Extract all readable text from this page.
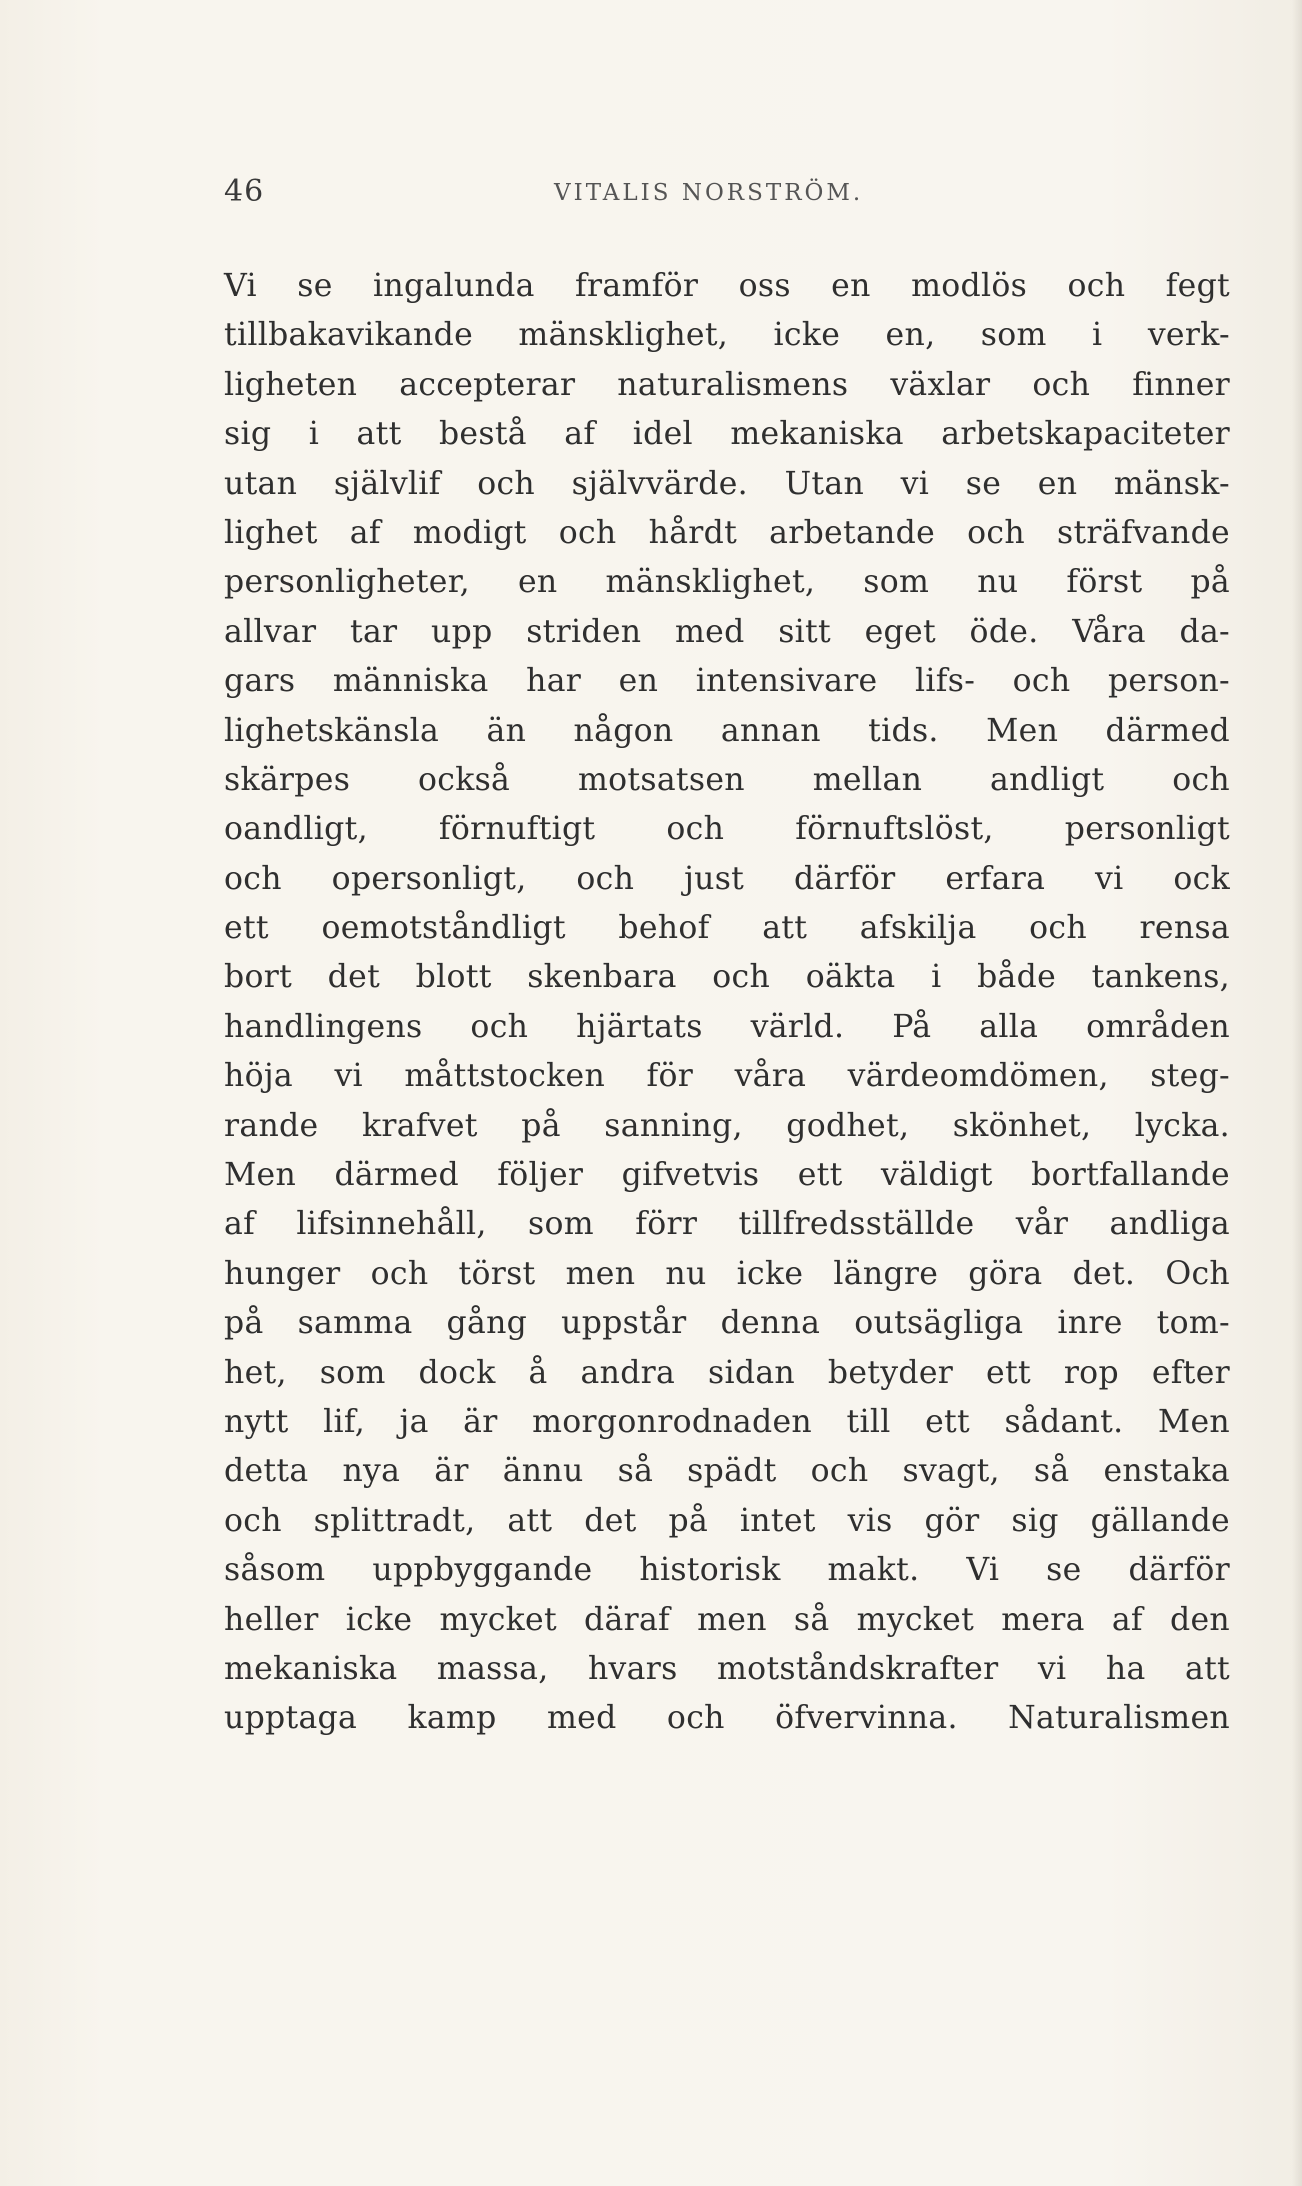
46	VITALIS NORSTRÖM.
Vi se ingalunda framför oss en modlös och fegt
tillbakavikande mänsklighet, icke en, som i verk-
ligheten accepterar naturalismens växlar och finner
sig i att bestå af idel mekaniska arbetskapaciteter
utan självlif och självvärde. Utan vi se en mänsk-
lighet af modigt och hårdt arbetande och sträfvande
personligheter, en mänsklighet, som nu först på
allvar tar upp striden med sitt eget öde. Våra da-
gars människa har en intensivare lifs- och person-
lighetskänsla än någon annan tids. Men därmed
skärpes också motsatsen mellan andligt och
oandligt, förnuftigt och förnuftslöst, personligt
och opersonligt, och just därför erfara vi ock
ett oemotståndligt behof att afskilja och rensa
bort det blott skenbara och oäkta i både tankens,
handlingens och hjärtats värld. På alla områden
höja vi måttstocken för våra värdeomdömen, steg-
rande krafvet på sanning, godhet, skönhet, lycka.
Men därmed följer gifvetvis ett väldigt bortfallande
af lifsinnehåll, som förr tillfredsställde vår andliga
hunger och törst men nu icke längre göra det. Och
på samma gång uppstår denna outsägliga inre tom-
het, som dock å andra sidan betyder ett rop efter
nytt lif, ja är morgonrodnaden till ett sådant. Men
detta nya är ännu så spädt och svagt, så enstaka
och splittradt, att det på intet vis gör sig gällande
såsom uppbyggande historisk makt. Vi se därför
heller icke mycket däraf men så mycket mera af den
mekaniska massa, hvars motståndskrafter vi ha att
upptaga kamp med och öfvervinna. Naturalismen
